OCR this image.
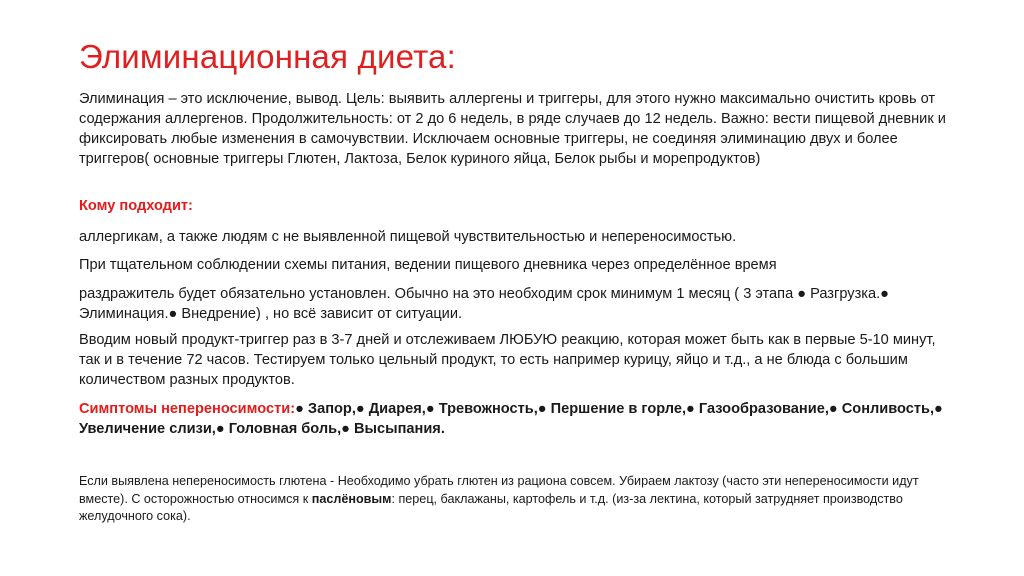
Элиминационная диета:

Элиминация – это исключение, вывод. Цель: выявить аллергены и триггеры, для этого нужно максимально очистить кровь от содержания аллергенов. Продолжительность: от 2 до 6 недель, в ряде случаев до 12 недель. Важно: вести пищевой дневник и фиксировать любые изменения в самочувствии. Исключаем основные триггеры, не соединяя элиминацию двух и более триггеров( основные триггеры Глютен, Лактоза, Белок куриного яйца, Белок рыбы и морепродуктов)

Кому подходит:

аллергикам, а также людям с не выявленной пищевой чувствительностью и непереносимостью.

При тщательном соблюдении схемы питания, ведении пищевого дневника через определённое время

раздражитель будет обязательно установлен. Обычно на это необходим срок минимум 1 месяц ( 3 этапа ● Разгрузка.● Элиминация.● Внедрение) , но всё зависит от ситуации.

Вводим новый продукт-триггер раз в 3-7 дней и отслеживаем ЛЮБУЮ реакцию, которая может быть как в первые 5-10 минут, так и в течение 72 часов. Тестируем только цельный продукт, то есть например курицу, яйцо и т.д., а не блюда с большим количеством разных продуктов.

Симптомы непереносимости:● Запор,● Диарея,● Тревожность,● Першение в горле,● Газообразование,● Сонливость,● Увеличение слизи,● Головная боль,● Высыпания.

Если выявлена непереносимость глютена - Необходимо убрать глютен из рациона совсем. Убираем лактозу (часто эти непереносимости идут вместе). С осторожностью относимся к паслёновым: перец, баклажаны, картофель и т.д. (из-за лектина, который затрудняет производство желудочного сока).
